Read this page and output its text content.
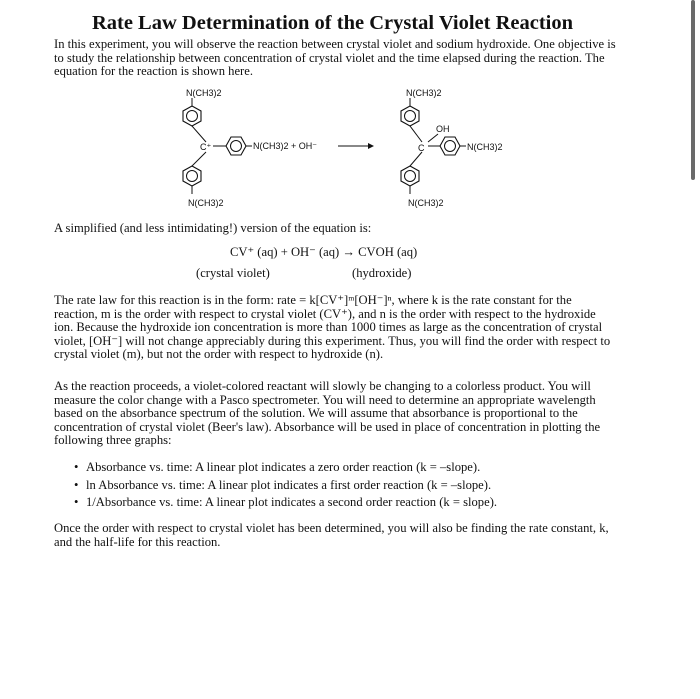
Rate Law Determination of the Crystal Violet Reaction

In this experiment, you will observe the reaction between crystal violet and sodium hydroxide. One objective is to study the relationship between concentration of crystal violet and the time elapsed during the reaction. The equation for the reaction is shown here.

N(CH3)2
C⁺	N(CH3)2 + OH⁻
N(CH3)2
N(CH3)2
OH
C	N(CH3)2
N(CH3)2

A simplified (and less intimidating!) version of the equation is:

CV⁺ (aq) + OH⁻ (aq) → CVOH (aq)
(crystal violet)	(hydroxide)

The rate law for this reaction is in the form: rate = k[CV⁺]ᵐ[OH⁻]ⁿ, where k is the rate constant for the reaction, m is the order with respect to crystal violet (CV⁺), and n is the order with respect to the hydroxide ion. Because the hydroxide ion concentration is more than 1000 times as large as the concentration of crystal violet, [OH⁻] will not change appreciably during this experiment. Thus, you will find the order with respect to crystal violet (m), but not the order with respect to hydroxide (n).

As the reaction proceeds, a violet-colored reactant will slowly be changing to a colorless product. You will measure the color change with a Pasco spectrometer. You will need to determine an appropriate wavelength based on the absorbance spectrum of the solution. We will assume that absorbance is proportional to the concentration of crystal violet (Beer's law). Absorbance will be used in place of concentration in plotting the following three graphs:

• Absorbance vs. time: A linear plot indicates a zero order reaction (k = –slope).
• ln Absorbance vs. time: A linear plot indicates a first order reaction (k = –slope).
• 1/Absorbance vs. time: A linear plot indicates a second order reaction (k = slope).

Once the order with respect to crystal violet has been determined, you will also be finding the rate constant, k, and the half-life for this reaction.
